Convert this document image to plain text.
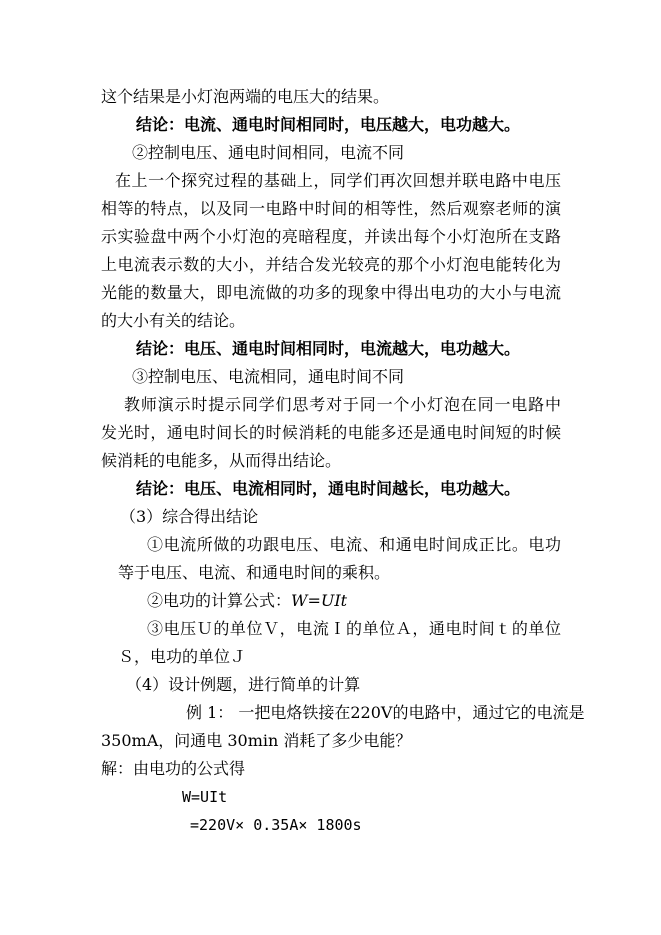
这个结果是小灯泡两端的电压大的结果。
结论：电流、通电时间相同时，电压越大，电功越大。
②控制电压、通电时间相同，电流不同
在上一个探究过程的基础上，同学们再次回想并联电路中电压
相等的特点，以及同一电路中时间的相等性，然后观察老师的演
示实验盘中两个小灯泡的亮暗程度，并读出每个小灯泡所在支路
上电流表示数的大小，并结合发光较亮的那个小灯泡电能转化为
光能的数量大，即电流做的功多的现象中得出电功的大小与电流
的大小有关的结论。
结论：电压、通电时间相同时，电流越大，电功越大。
③控制电压、电流相同，通电时间不同
教师演示时提示同学们思考对于同一个小灯泡在同一电路中
发光时，通电时间长的时候消耗的电能多还是通电时间短的时候
候消耗的电能多，从而得出结论。
结论：电压、电流相同时，通电时间越长，电功越大。
（3）综合得出结论
①电流所做的功跟电压、电流、和通电时间成正比。电功
等于电压、电流、和通电时间的乘积。
②电功的计算公式：W=UIt
③电压Ｕ的单位Ｖ，电流Ｉ的单位Ａ，通电时间ｔ的单位
Ｓ，电功的单位Ｊ
（4）设计例题，进行简单的计算
例 1： 一把电烙铁接在220V的电路中，通过它的电流是
350mA，问通电 30min 消耗了多少电能？
解：由电功的公式得
W=UIt
=220V× 0.35A× 1800s
